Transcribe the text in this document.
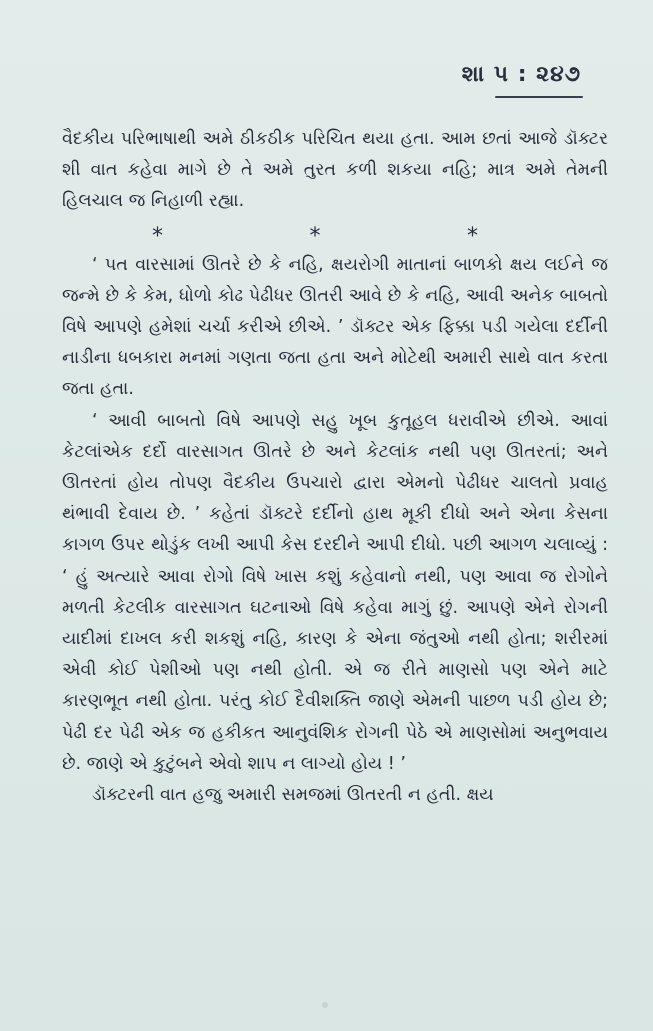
શા પ : ૨૪૭

વૈદકીય પરિભાષાથી અમે ઠીકઠીક પરિચિત થયા હતા. આમ છતાં આજે ડૉક્ટર શી વાત કહેવા માગે છે તે અમે તુરત કળી શકયા નહિ; માત્ર અમે તેમની હિલચાલ જ નિહાળી રહ્યા.

*	*	*

‘ પત વારસામાં ઊતરે છે કે નહિ, ક્ષયરોગી માતાનાં બાળકો ક્ષય લઈને જ જન્મે છે કે કેમ, ધોળો કોઢ પેઢીધર ઊતરી આવે છે કે નહિ, આવી અનેક બાબતો વિષે આપણે હમેશાં ચર્ચા કરીએ છીએ. ’ ડૉક્ટર એક ફિક્કા પડી ગયેલા દર્દીની નાડીના ધબકારા મનમાં ગણતા જતા હતા અને મોટેથી અમારી સાથે વાત કરતા જતા હતા.

‘ આવી બાબતો વિષે આપણે સહુ ખૂબ કુતૂહલ ધરાવીએ છીએ. આવાં કેટલાંએક દર્દો વારસાગત ઊતરે છે અને કેટલાંક નથી પણ ઊતરતાં; અને ઊતરતાં હોય તોપણ વૈદકીય ઉપચારો દ્વારા એમનો પેઢીધર ચાલતો પ્રવાહ થંભાવી દેવાય છે. ’ કહેતાં ડૉક્ટરે દર્દીનો હાથ મૂકી દીધો અને એના કેસના કાગળ ઉપર થોડુંક લખી આપી કેસ દરદીને આપી દીધો. પછી આગળ ચલાવ્યું : ‘ હું અત્યારે આવા રોગો વિષે ખાસ કશું કહેવાનો નથી, પણ આવા જ રોગોને મળતી કેટલીક વારસાગત ઘટનાઓ વિષે કહેવા માગું છું. આપણે એને રોગની યાદીમાં દાખલ કરી શકશું નહિ, કારણ કે એના જંતુઓ નથી હોતા; શરીરમાં એવી કોઈ પેશીઓ પણ નથી હોતી. એ જ રીતે માણસો પણ એને માટે કારણભૂત નથી હોતા. પરંતુ કોઈ દૈવીશક્તિ જાણે એમની પાછળ પડી હોય છે; પેઢી દર પેઢી એક જ હકીકત આનુવંશિક રોગની પેઠે એ માણસોમાં અનુભવાય છે. જાણે એ કુટુંબને એવો શાપ ન લાગ્યો હોય ! ’

ડૉક્ટરની વાત હજુ અમારી સમજમાં ઊતરતી ન હતી. ક્ષય
